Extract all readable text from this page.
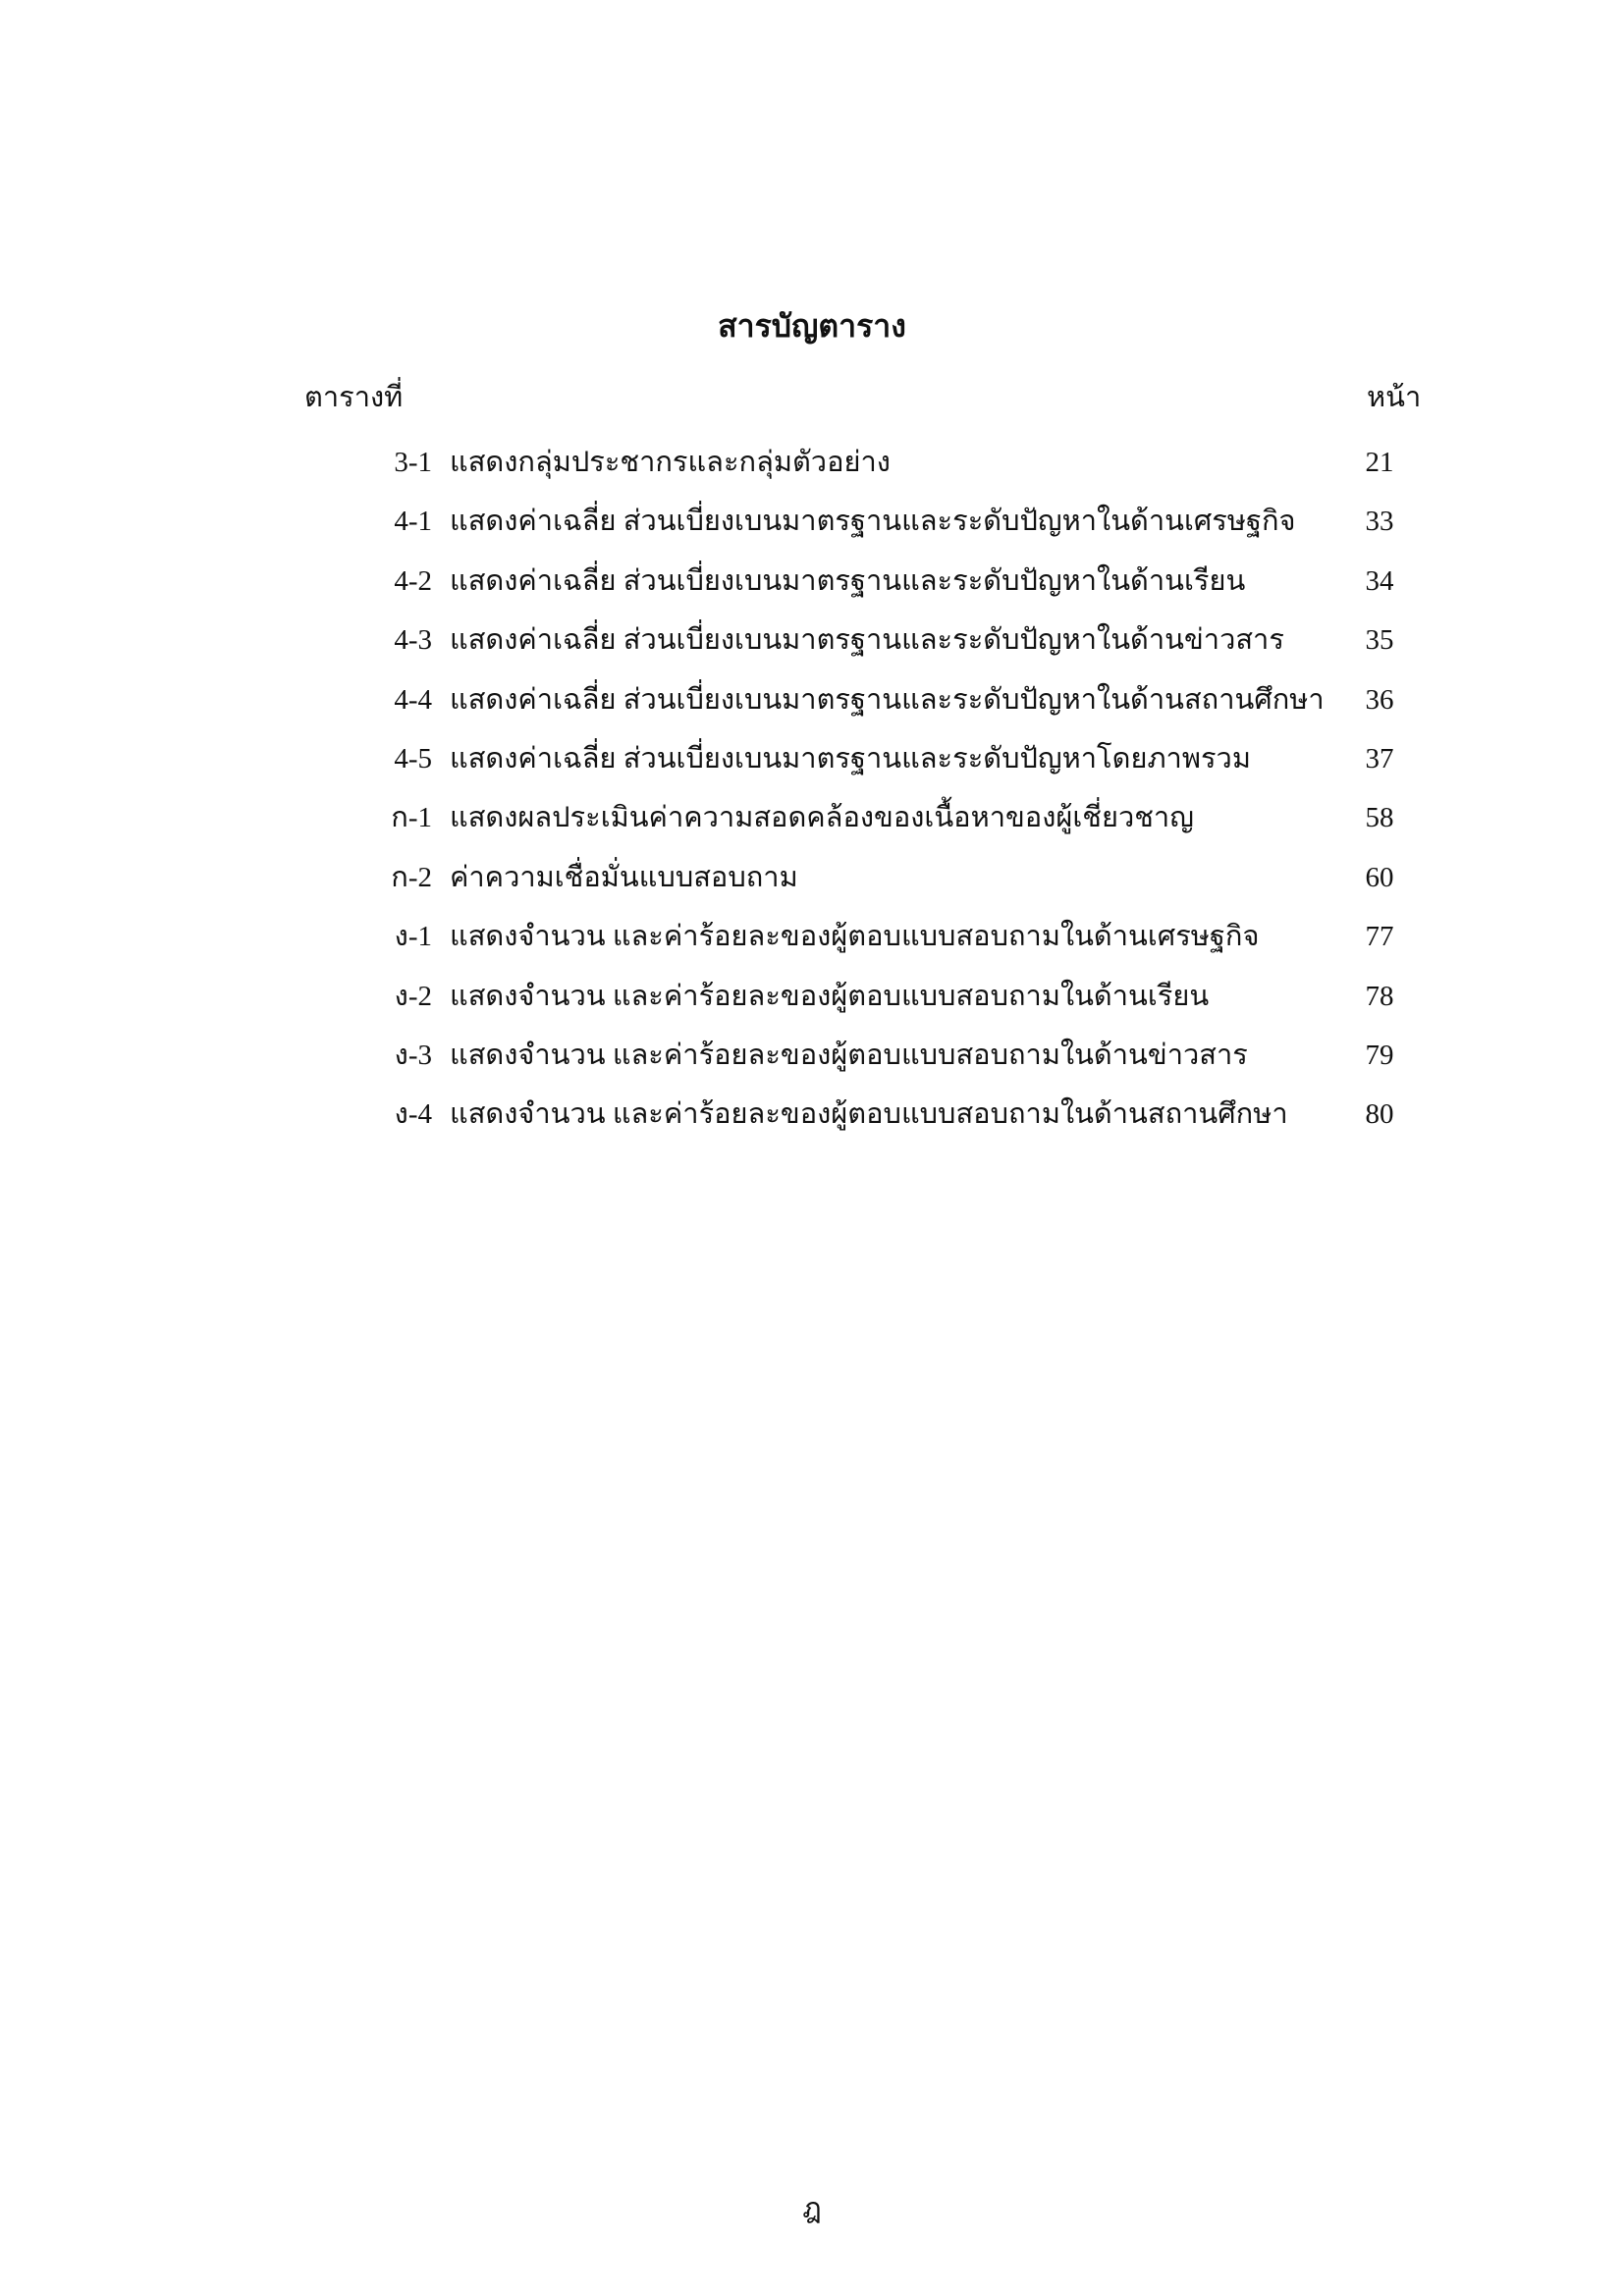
สารบัญตาราง
ตารางที่	หน้า
3-1 แสดงกลุ่มประชากรและกลุ่มตัวอย่าง	21
4-1 แสดงค่าเฉลี่ย ส่วนเบี่ยงเบนมาตรฐานและระดับปัญหาในด้านเศรษฐกิจ	33
4-2 แสดงค่าเฉลี่ย ส่วนเบี่ยงเบนมาตรฐานและระดับปัญหาในด้านเรียน	34
4-3 แสดงค่าเฉลี่ย ส่วนเบี่ยงเบนมาตรฐานและระดับปัญหาในด้านข่าวสาร	35
4-4 แสดงค่าเฉลี่ย ส่วนเบี่ยงเบนมาตรฐานและระดับปัญหาในด้านสถานศึกษา	36
4-5 แสดงค่าเฉลี่ย ส่วนเบี่ยงเบนมาตรฐานและระดับปัญหาโดยภาพรวม	37
ก-1 แสดงผลประเมินค่าความสอดคล้องของเนื้อหาของผู้เชี่ยวชาญ	58
ก-2 ค่าความเชื่อมั่นแบบสอบถาม	60
ง-1 แสดงจำนวน และค่าร้อยละของผู้ตอบแบบสอบถามในด้านเศรษฐกิจ	77
ง-2 แสดงจำนวน และค่าร้อยละของผู้ตอบแบบสอบถามในด้านเรียน	78
ง-3 แสดงจำนวน และค่าร้อยละของผู้ตอบแบบสอบถามในด้านข่าวสาร	79
ง-4 แสดงจำนวน และค่าร้อยละของผู้ตอบแบบสอบถามในด้านสถานศึกษา	80
ฎ
